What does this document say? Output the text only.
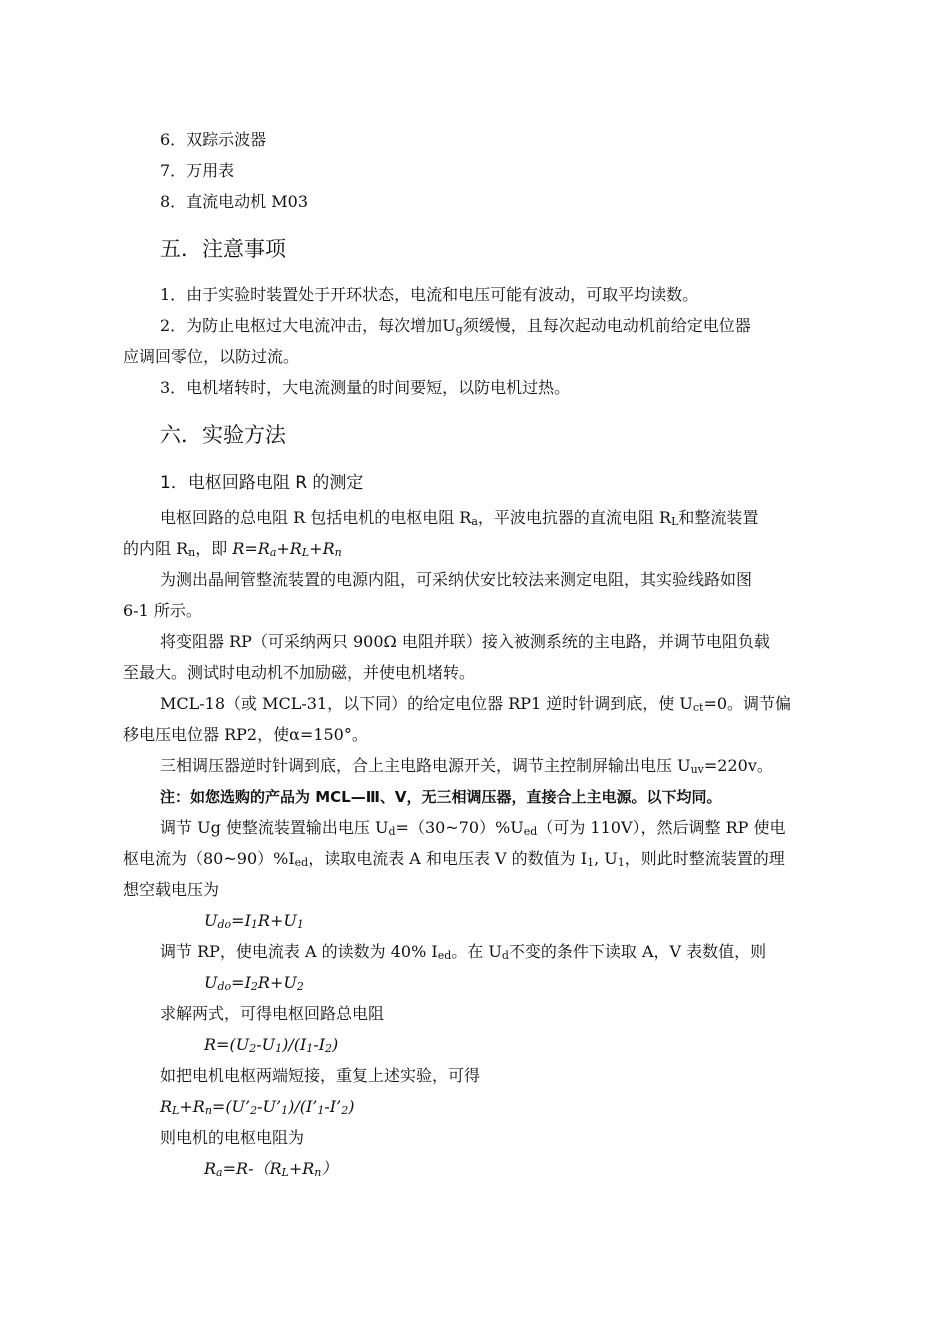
6．双踪示波器
7．万用表
8．直流电动机 M03
五．注意事项
1．由于实验时装置处于开环状态，电流和电压可能有波动，可取平均读数。
2．为防止电枢过大电流冲击，每次增加Ug须缓慢，且每次起动电动机前给定电位器
应调回零位，以防过流。
3．电机堵转时，大电流测量的时间要短，以防电机过热。
六．实验方法
1．电枢回路电阻 R 的测定
电枢回路的总电阻 R 包括电机的电枢电阻 Ra，平波电抗器的直流电阻 RL和整流装置
的内阻 Rn，即 R=Ra+RL+Rn
为测出晶闸管整流装置的电源内阻，可采纳伏安比较法来测定电阻，其实验线路如图
6-1 所示。
将变阻器 RP（可采纳两只 900Ω 电阻并联）接入被测系统的主电路，并调节电阻负载
至最大。测试时电动机不加励磁，并使电机堵转。
MCL-18（或 MCL-31，以下同）的给定电位器 RP1 逆时针调到底，使 Uct=0。调节偏
移电压电位器 RP2，使α=150°。
三相调压器逆时针调到底，合上主电路电源开关，调节主控制屏输出电压 Uuv=220v。
注：如您选购的产品为 MCL—Ⅲ、Ⅴ，无三相调压器，直接合上主电源。以下均同。
调节 Ug 使整流装置输出电压 Ud=（30~70）%Ued（可为 110V），然后调整 RP 使电
枢电流为（80~90）%Ied，读取电流表 A 和电压表 V 的数值为 I1, U1，则此时整流装置的理
想空载电压为
Udo=I1R+U1
调节 RP，使电流表 A 的读数为 40% Ied。在 Ud不变的条件下读取 A，V 表数值，则
Udo=I2R+U2
求解两式，可得电枢回路总电阻
R=(U2-U1)/(I1-I2)
如把电机电枢两端短接，重复上述实验，可得
RL+Rn=(U’2-U’1)/(I’1-I’2)
则电机的电枢电阻为
Ra=R-（RL+Rn）
